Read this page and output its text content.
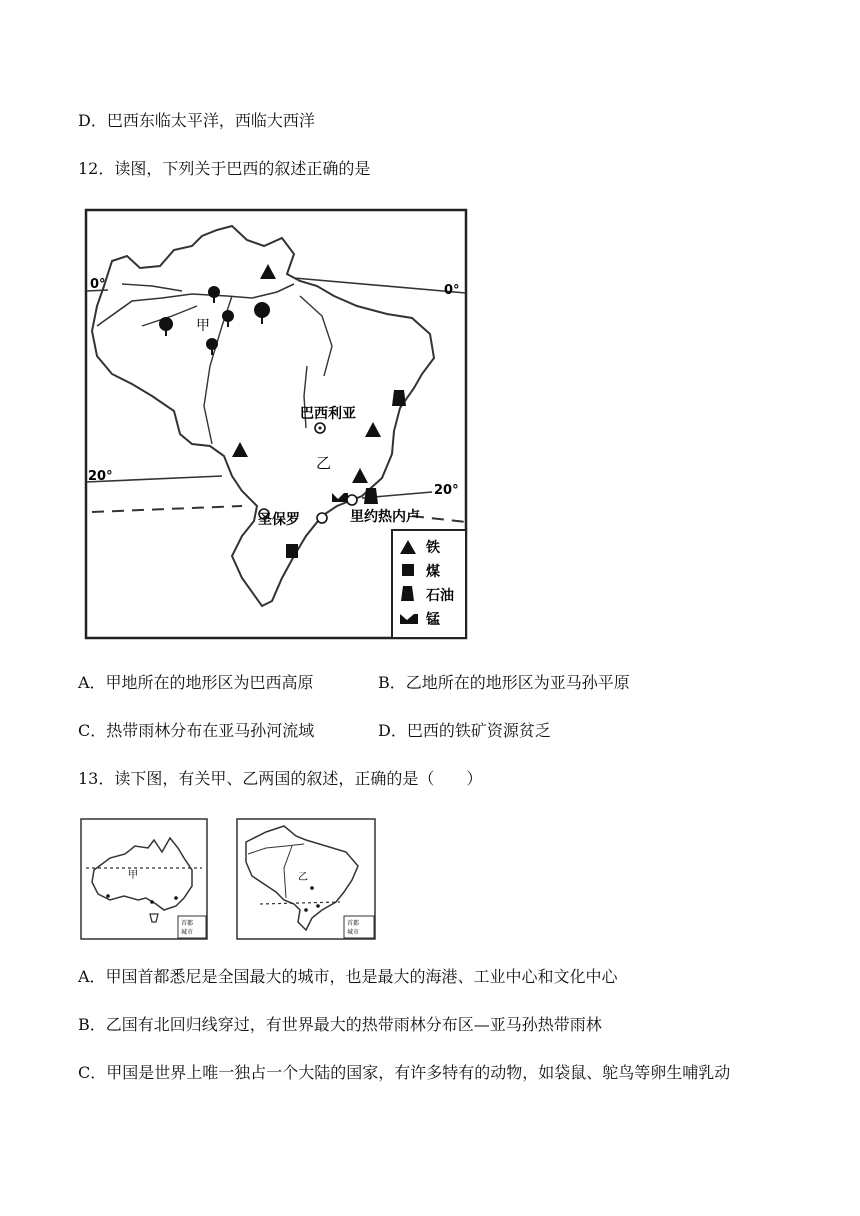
D．巴西东临太平洋，西临大西洋
12．读图，下列关于巴西的叙述正确的是
0°	0°
20°
20°
甲
乙
巴西利亚
圣保罗	里约热内卢
铁
煤
石油
锰
A．甲地所在的地形区为巴西高原	B．乙地所在的地形区为亚马孙平原
C．热带雨林分布在亚马孙河流域	D．巴西的铁矿资源贫乏
13．读下图，有关甲、乙两国的叙述，正确的是（　　）
甲
首都
城市
乙
首都
城市
A．甲国首都悉尼是全国最大的城市，也是最大的海港、工业中心和文化中心
B．乙国有北回归线穿过，有世界最大的热带雨林分布区—亚马孙热带雨林
C．甲国是世界上唯一独占一个大陆的国家，有许多特有的动物，如袋鼠、鸵鸟等卵生哺乳动
